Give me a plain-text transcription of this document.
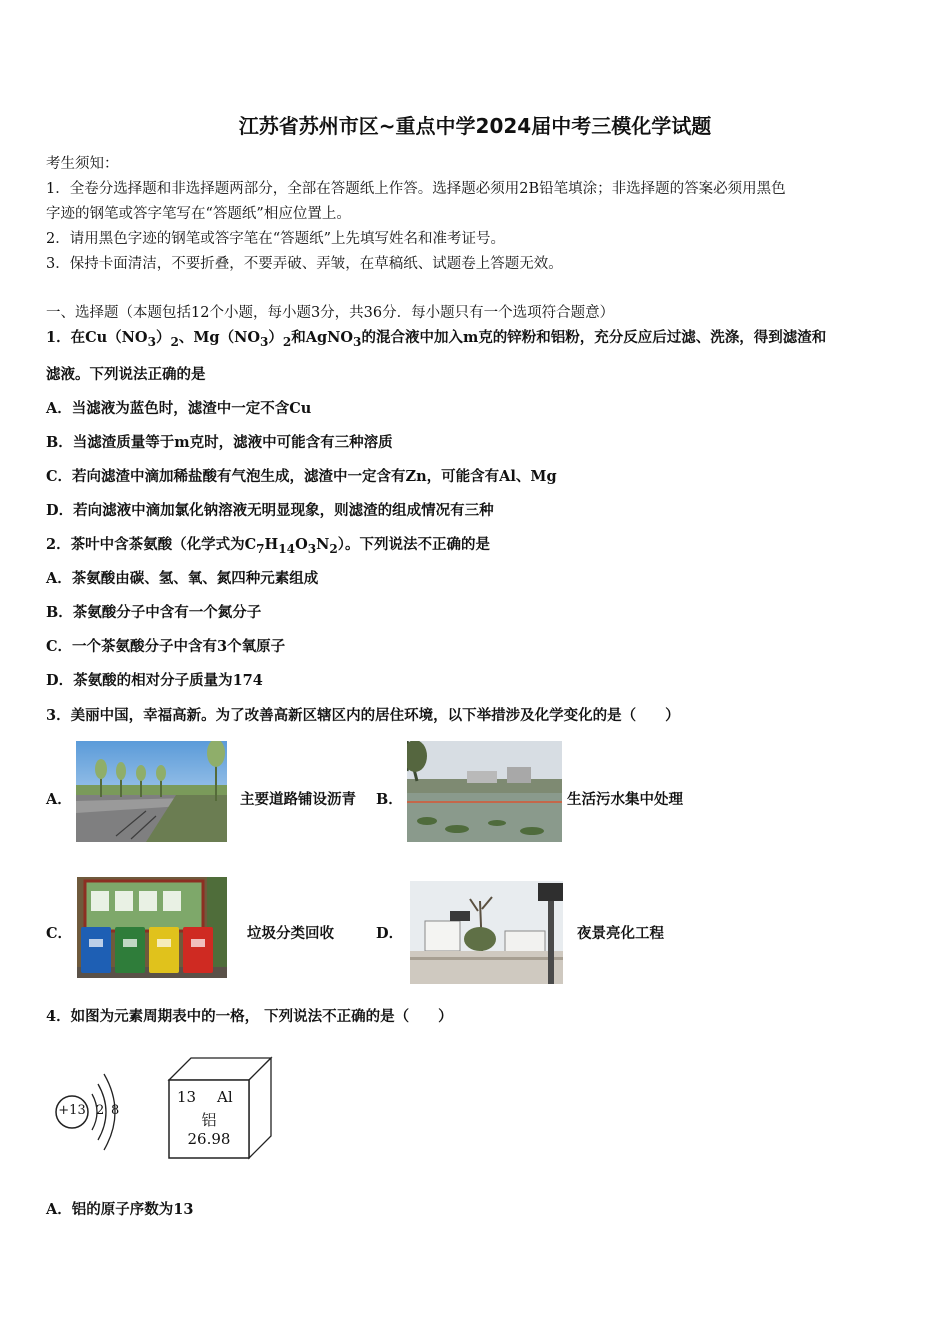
江苏省苏州市区~重点中学2024届中考三模化学试题
考生须知：
1．全卷分选择题和非选择题两部分，全部在答题纸上作答。选择题必须用2B铅笔填涂；非选择题的答案必须用黑色
字迹的钢笔或答字笔写在“答题纸”相应位置上。
2．请用黑色字迹的钢笔或答字笔在“答题纸”上先填写姓名和准考证号。
3．保持卡面清洁，不要折叠，不要弄破、弄皱，在草稿纸、试题卷上答题无效。
一、选择题（本题包括12个小题，每小题3分，共36分．每小题只有一个选项符合题意）
1．在$Cu(NO_3)_2$、$Mg(NO_3)_2$和AgNO$_3$的混合液中加入m克的锌粉和铝粉，充分反应后过滤、洗涤，得到滤渣和
滤液。下列说法正确的是
A．当滤液为蓝色时，滤渣中一定不含Cu
B．当滤渣质量等于m克时，滤液中可能含有三种溶质
C．若向滤渣中滴加稀盐酸有气泡生成，滤渣中一定含有Zn，可能含有Al、Mg
D．若向滤液中滴加氯化钠溶液无明显现象，则滤渣的组成情况有三种
2．茶叶中含茶氨酸（化学式为$C_7H_{14}O_3N_2$）。下列说法不正确的是
A．茶氨酸由碳、氢、氧、氮四种元素组成
B．茶氨酸分子中含有一个氮分子
C．一个茶氨酸分子中含有3个氧原子
D．茶氨酸的相对分子质量为174
3．美丽中国，幸福高新。为了改善高新区辖区内的居住环境，以下举措涉及化学变化的是（　　）
A．	主要道路铺设沥青 B．	生活污水集中处理
C．	垃圾分类回收	D．	夜景亮化工程
4．如图为元素周期表中的一格， 下列说法不正确的是（　　）
+13 2 8
13 Al
铝
26.98
A．铝的原子序数为13
